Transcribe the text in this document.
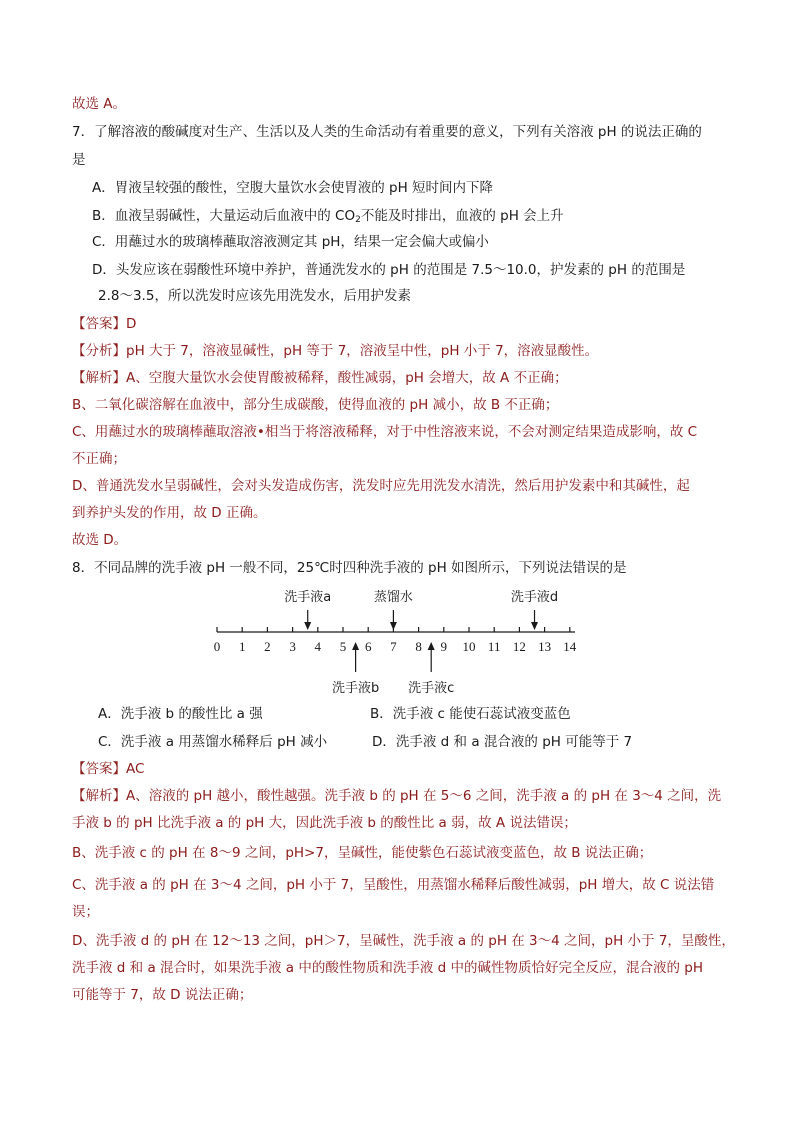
故选 A。
7．了解溶液的酸碱度对生产、生活以及人类的生命活动有着重要的意义，下列有关溶液 pH 的说法正确的
是
A．胃液呈较强的酸性，空腹大量饮水会使胃液的 pH 短时间内下降
B．血液呈弱碱性，大量运动后血液中的 $CO_2$不能及时排出，血液的 pH 会上升
C．用蘸过水的玻璃棒蘸取溶液测定其 pH，结果一定会偏大或偏小
D．头发应该在弱酸性环境中养护，普通洗发水的 pH 的范围是 7.5～10.0，护发素的 pH 的范围是
2.8～3.5，所以洗发时应该先用洗发水，后用护发素
【答案】D
【分析】pH 大于 7，溶液显碱性，pH 等于 7，溶液呈中性，pH 小于 7，溶液显酸性。
【解析】A、空腹大量饮水会使胃酸被稀释，酸性减弱，pH 会增大，故 A 不正确；
B、二氧化碳溶解在血液中，部分生成碳酸，使得血液的 pH 减小，故 B 不正确；
C、用蘸过水的玻璃棒蘸取溶液•相当于将溶液稀释，对于中性溶液来说，不会对测定结果造成影响，故 C
不正确；
D、普通洗发水呈弱碱性，会对头发造成伤害，洗发时应先用洗发水清洗，然后用护发素中和其碱性，起
到养护头发的作用，故 D 正确。
故选 D。
8．不同品牌的洗手液 pH 一般不同，25℃时四种洗手液的 pH 如图所示，下列说法错误的是
0 1 2 3 4 5 6 7 8 9 10 11 12 13 14
洗手液a	蒸馏水	洗手液d
洗手液b 洗手液c
A．洗手液 b 的酸性比 a 强	B．洗手液 c 能使石蕊试液变蓝色
C．洗手液 a 用蒸馏水稀释后 pH 减小	D．洗手液 d 和 a 混合液的 pH 可能等于 7
【答案】AC
【解析】A、溶液的 pH 越小，酸性越强。洗手液 b 的 pH 在 5～6 之间，洗手液 a 的 pH 在 3～4 之间，洗
手液 b 的 pH 比洗手液 a 的 pH 大，因此洗手液 b 的酸性比 a 弱，故 A 说法错误；
B、洗手液 c 的 pH 在 8～9 之间，pH>7，呈碱性，能使紫色石蕊试液变蓝色，故 B 说法正确；
C、洗手液 a 的 pH 在 3～4 之间，pH 小于 7，呈酸性，用蒸馏水稀释后酸性减弱，pH 增大，故 C 说法错
误；
D、洗手液 d 的 pH 在 12～13 之间，pH＞7，呈碱性，洗手液 a 的 pH 在 3～4 之间，pH 小于 7，呈酸性，
洗手液 d 和 a 混合时，如果洗手液 a 中的酸性物质和洗手液 d 中的碱性物质恰好完全反应，混合液的 pH
可能等于 7，故 D 说法正确；
